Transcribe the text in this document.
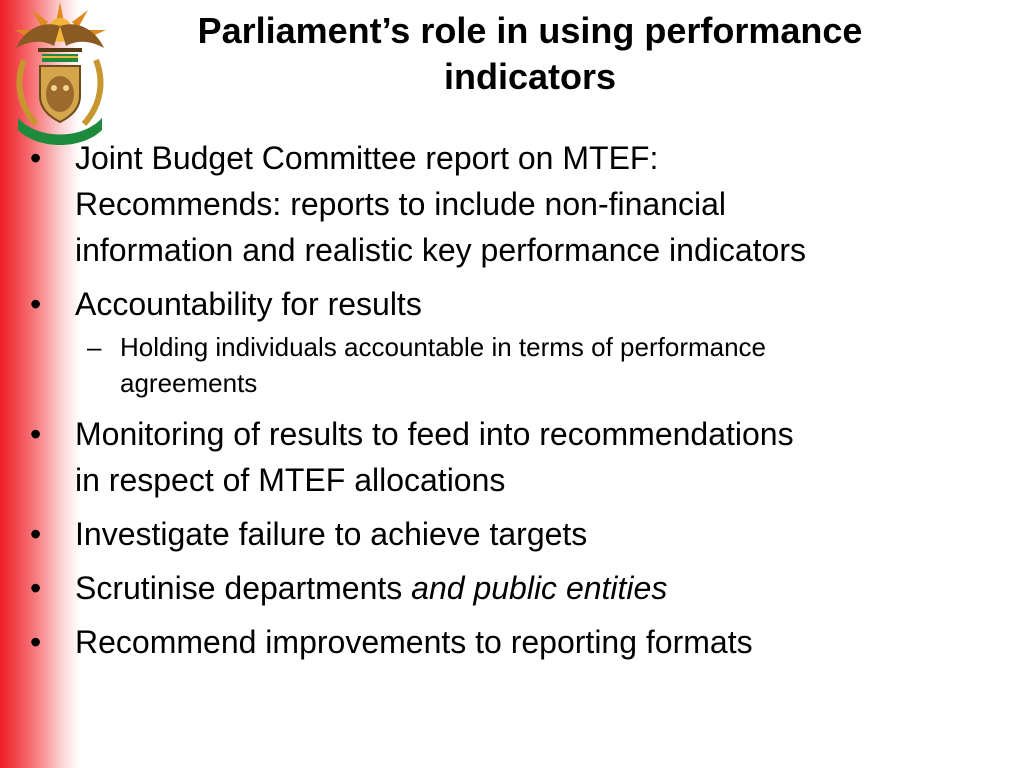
Parliament’s role in using performance indicators
•	Joint Budget Committee report on MTEF:
Recommends: reports to include non-financial
information and realistic key performance indicators
•	Accountability for results
– Holding individuals accountable in terms of performance
agreements
•	Monitoring of results to feed into recommendations
in respect of MTEF allocations
•	Investigate failure to achieve targets
•	Scrutinise departments and public entities
•	Recommend improvements to reporting formats
